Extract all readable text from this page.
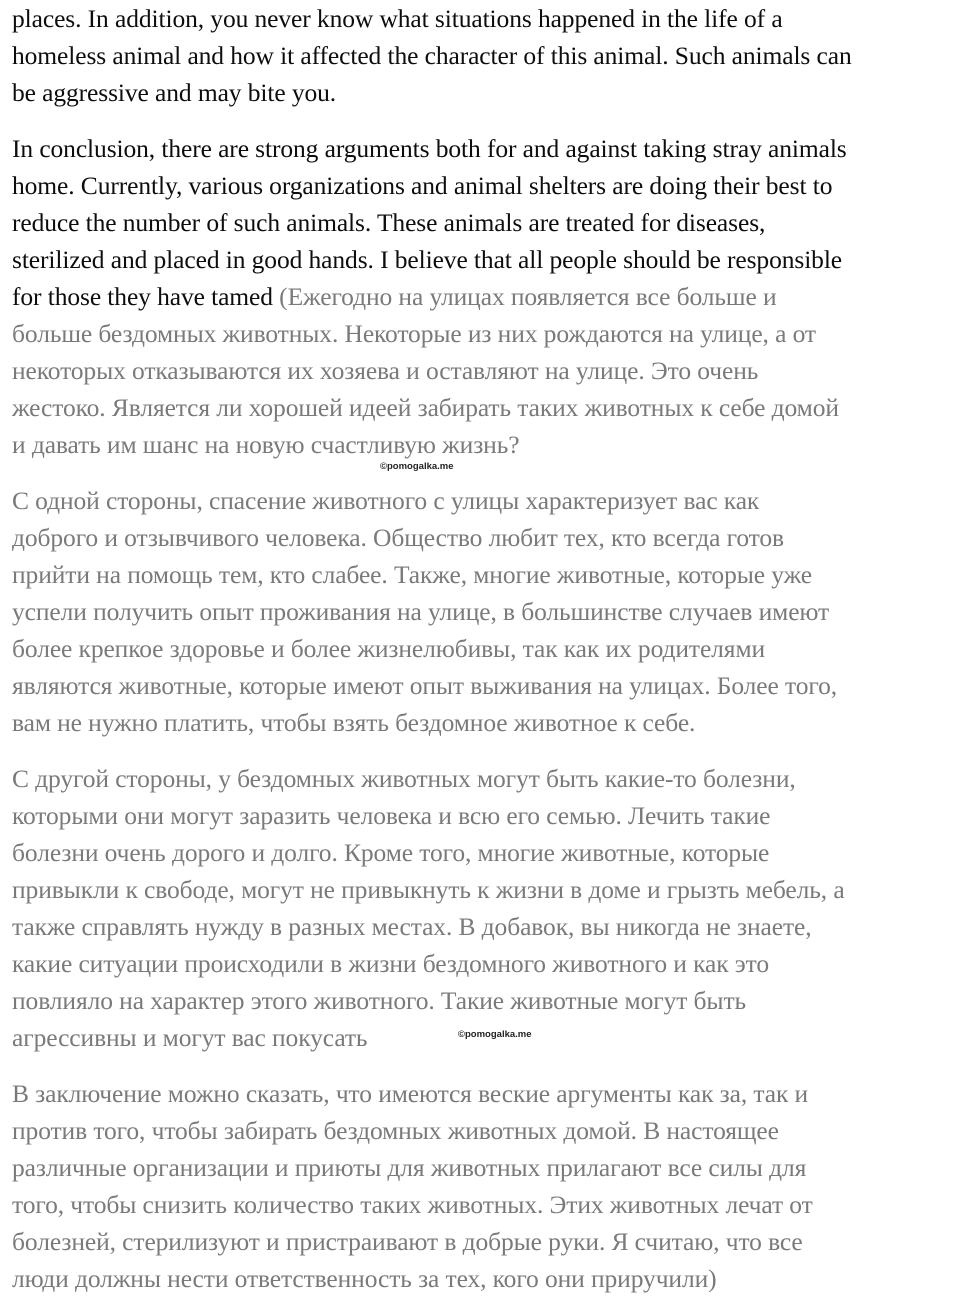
places. In addition, you never know what situations happened in the life of a
homeless animal and how it affected the character of this animal. Such animals can
be aggressive and may bite you.
In conclusion, there are strong arguments both for and against taking stray animals
home. Currently, various organizations and animal shelters are doing their best to
reduce the number of such animals. These animals are treated for diseases,
sterilized and placed in good hands. I believe that all people should be responsible
for those they have tamed (Ежегодно на улицах появляется все больше и
больше бездомных животных. Некоторые из них рождаются на улице, а от
некоторых отказываются их хозяева и оставляют на улице. Это очень
жестоко. Является ли хорошей идеей забирать таких животных к себе домой
и давать им шанс на новую счастливую жизнь?
С одной стороны, спасение животного с улицы характеризует вас как
доброго и отзывчивого человека. Общество любит тех, кто всегда готов
прийти на помощь тем, кто слабее. Также, многие животные, которые уже
успели получить опыт проживания на улице, в большинстве случаев имеют
более крепкое здоровье и более жизнелюбивы, так как их родителями
являются животные, которые имеют опыт выживания на улицах. Более того,
вам не нужно платить, чтобы взять бездомное животное к себе.
С другой стороны, у бездомных животных могут быть какие-то болезни,
которыми они могут заразить человека и всю его семью. Лечить такие
болезни очень дорого и долго. Кроме того, многие животные, которые
привыкли к свободе, могут не привыкнуть к жизни в доме и грызть мебель, а
также справлять нужду в разных местах. В добавок, вы никогда не знаете,
какие ситуации происходили в жизни бездомного животного и как это
повлияло на характер этого животного. Такие животные могут быть
агрессивны и могут вас покусать
В заключение можно сказать, что имеются веские аргументы как за, так и
против того, чтобы забирать бездомных животных домой. В настоящее
различные организации и приюты для животных прилагают все силы для
того, чтобы снизить количество таких животных. Этих животных лечат от
болезней, стерилизуют и пристраивают в добрые руки. Я считаю, что все
люди должны нести ответственность за тех, кого они приручили)
©pomogalka.me
©pomogalka.me
